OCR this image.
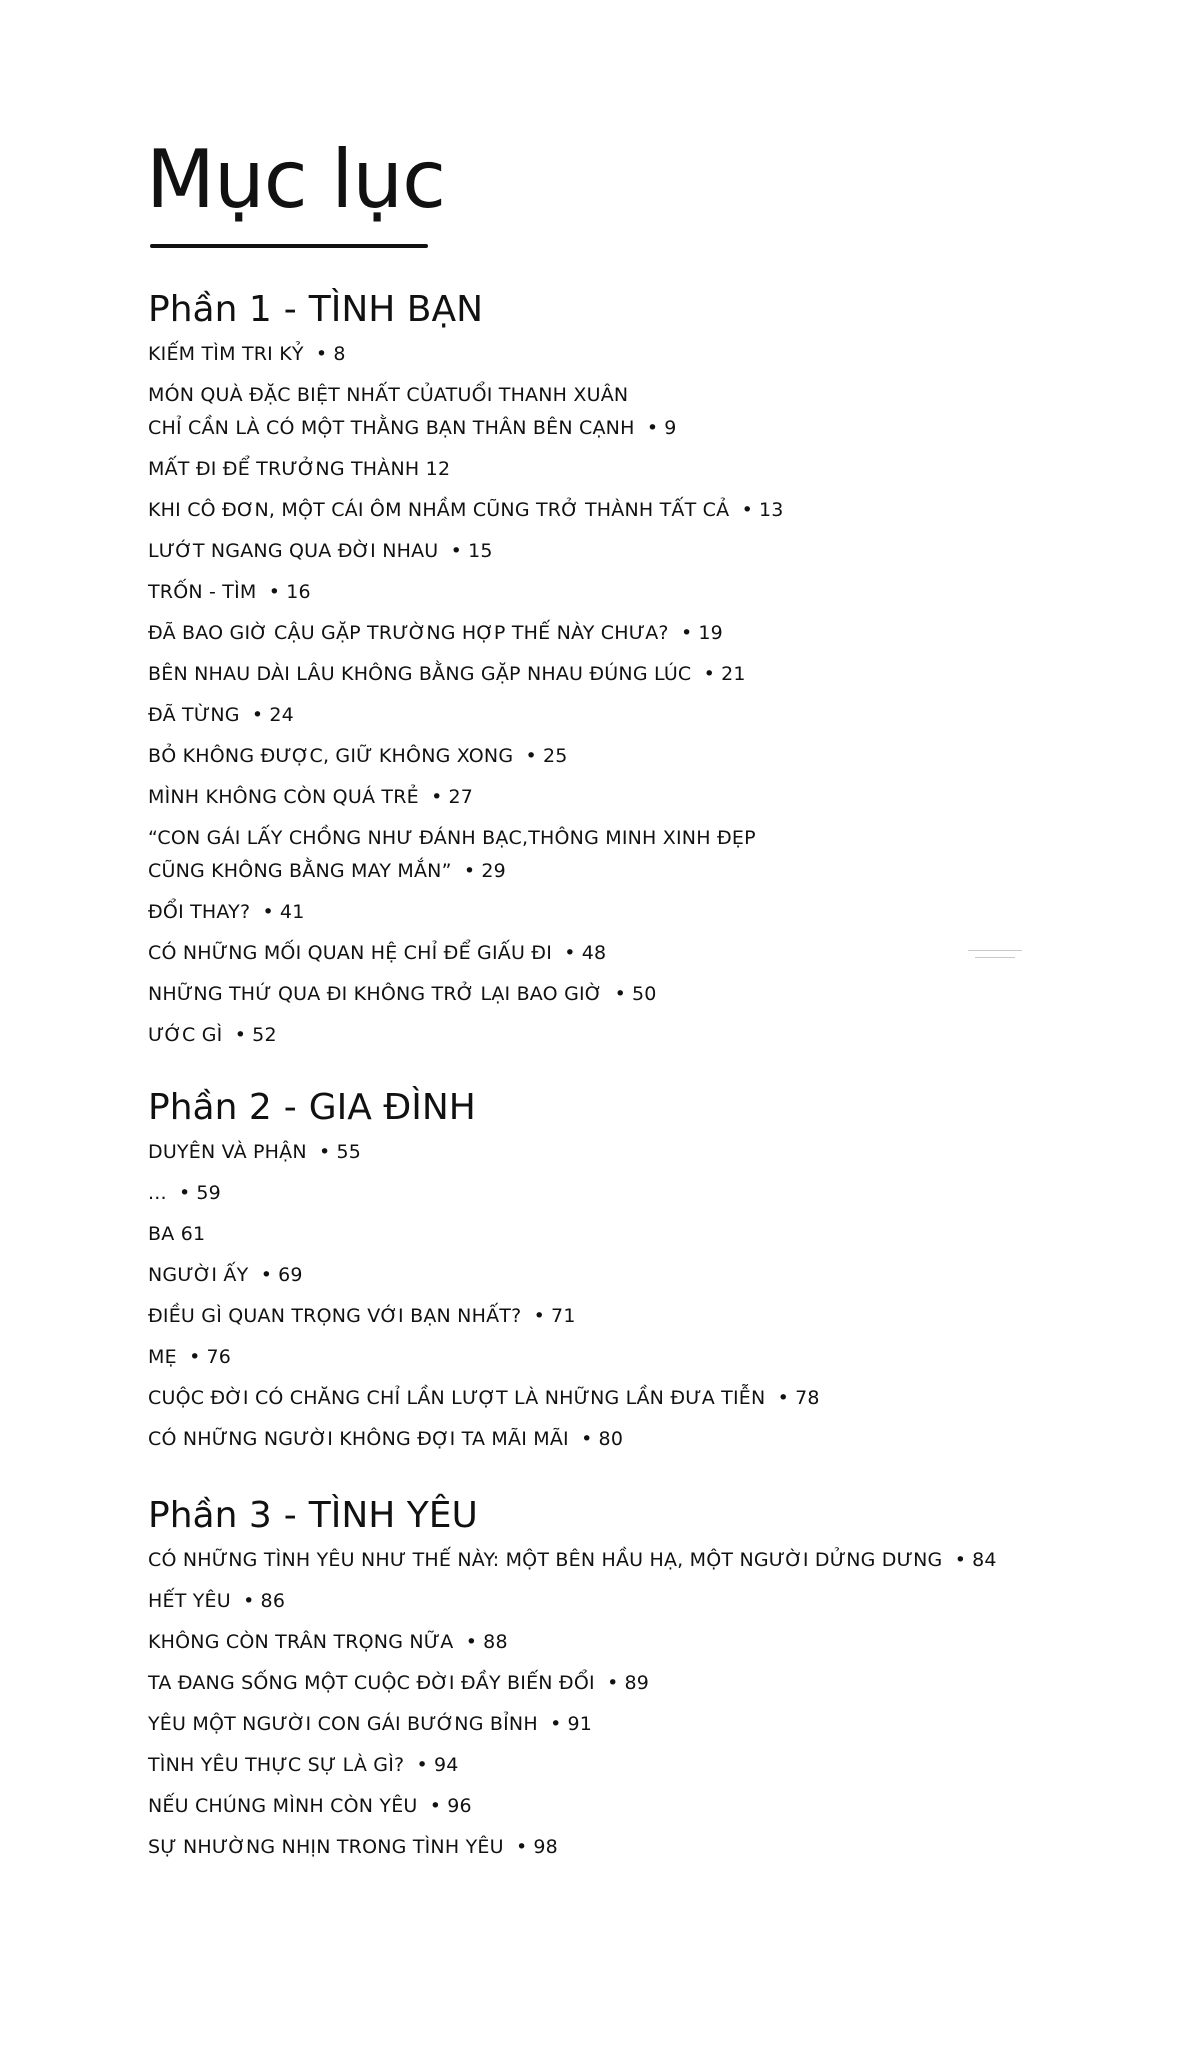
Mục lục
Phần 1 - TÌNH BẠN
KIẾM TÌM TRI KỶ • 8
MÓN QUÀ ĐẶC BIỆT NHẤT CỦATUỔI THANH XUÂN
CHỈ CẦN LÀ CÓ MỘT THẰNG BẠN THÂN BÊN CẠNH • 9
MẤT ĐI ĐỂ TRƯỞNG THÀNH 12
KHI CÔ ĐƠN, MỘT CÁI ÔM NHẦM CŨNG TRỞ THÀNH TẤT CẢ • 13
LƯỚT NGANG QUA ĐỜI NHAU • 15
TRỐN - TÌM • 16
ĐÃ BAO GIỜ CẬU GẶP TRƯỜNG HỢP THẾ NÀY CHƯA? • 19
BÊN NHAU DÀI LÂU KHÔNG BẰNG GẶP NHAU ĐÚNG LÚC • 21
ĐÃ TỪNG • 24
BỎ KHÔNG ĐƯỢC, GIỮ KHÔNG XONG • 25
MÌNH KHÔNG CÒN QUÁ TRẺ • 27
“CON GÁI LẤY CHỒNG NHƯ ĐÁNH BẠC,THÔNG MINH XINH ĐẸP
CŨNG KHÔNG BẰNG MAY MẮN” • 29
ĐỔI THAY? • 41
CÓ NHỮNG MỐI QUAN HỆ CHỈ ĐỂ GIẤU ĐI • 48
NHỮNG THỨ QUA ĐI KHÔNG TRỞ LẠI BAO GIỜ • 50
ƯỚC GÌ • 52
Phần 2 - GIA ĐÌNH
DUYÊN VÀ PHẬN • 55
... • 59
BA 61
NGƯỜI ẤY • 69
ĐIỀU GÌ QUAN TRỌNG VỚI BẠN NHẤT? • 71
MẸ • 76
CUỘC ĐỜI CÓ CHĂNG CHỈ LẦN LƯỢT LÀ NHỮNG LẦN ĐƯA TIỄN • 78
CÓ NHỮNG NGƯỜI KHÔNG ĐỢI TA MÃI MÃI • 80
Phần 3 - TÌNH YÊU
CÓ NHỮNG TÌNH YÊU NHƯ THẾ NÀY: MỘT BÊN HẦU HẠ, MỘT NGƯỜI DỬNG DƯNG • 84
HẾT YÊU • 86
KHÔNG CÒN TRÂN TRỌNG NỮA • 88
TA ĐANG SỐNG MỘT CUỘC ĐỜI ĐẦY BIẾN ĐỔI • 89
YÊU MỘT NGƯỜI CON GÁI BƯỚNG BỈNH • 91
TÌNH YÊU THỰC SỰ LÀ GÌ? • 94
NẾU CHÚNG MÌNH CÒN YÊU • 96
SỰ NHƯỜNG NHỊN TRONG TÌNH YÊU • 98
